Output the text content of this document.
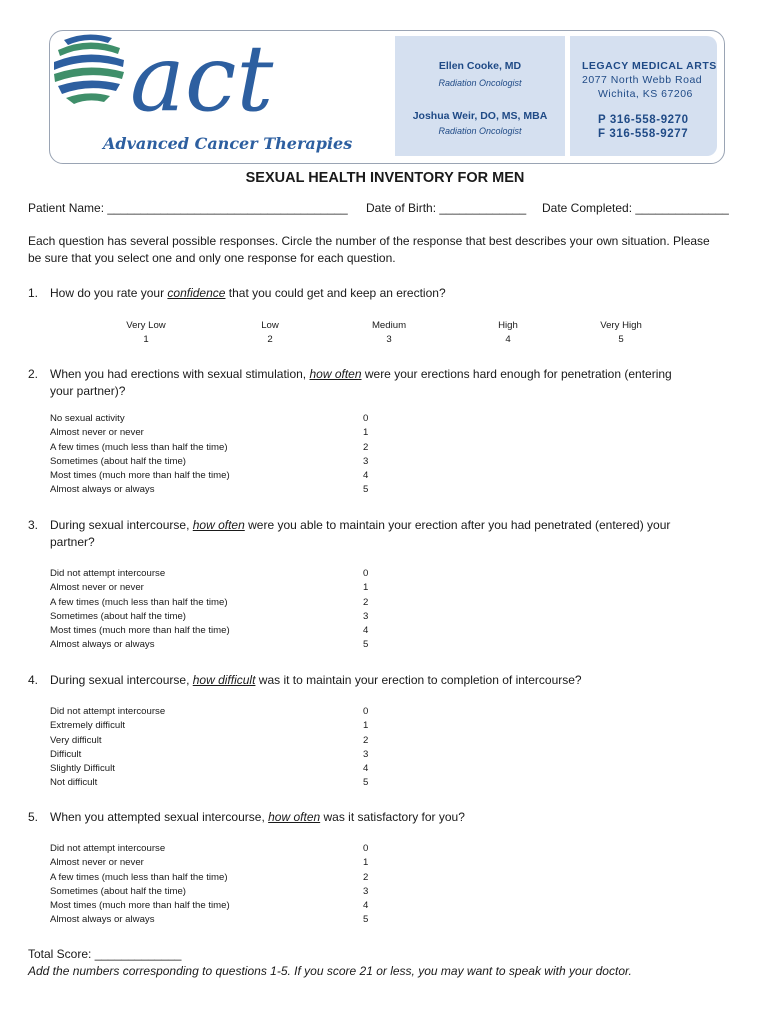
act
Advanced Cancer Therapies
Ellen Cooke, MD
Radiation Oncologist
Joshua Weir, DO, MS, MBA
Radiation Oncologist
LEGACY MEDICAL ARTS
2077 North Webb Road
Wichita, KS 67206
P 316-558-9270
F 316-558-9277
SEXUAL HEALTH INVENTORY FOR MEN
Patient Name: ____________________________________ Date of Birth: _____________ Date Completed: ______________
Each question has several possible responses. Circle the number of the response that best describes your own situation. Please
be sure that you select one and only one response for each question.
1. How do you rate your confidence that you could get and keep an erection?
Very Low
1
Low
2
Medium
3
High
4
Very High
5
2. When you had erections with sexual stimulation, how often were your erections hard enough for penetration (entering
your partner)?
No sexual activity	0
Almost never or never	1
A few times (much less than half the time)	2
Sometimes (about half the time)	3
Most times (much more than half the time)	4
Almost always or always	5
3. During sexual intercourse, how often were you able to maintain your erection after you had penetrated (entered) your
partner?
Did not attempt intercourse	0
Almost never or never	1
A few times (much less than half the time)	2
Sometimes (about half the time)	3
Most times (much more than half the time)	4
Almost always or always	5
4. During sexual intercourse, how difficult was it to maintain your erection to completion of intercourse?
Did not attempt intercourse	0
Extremely difficult	1
Very difficult	2
Difficult	3
Slightly Difficult	4
Not difficult	5
5. When you attempted sexual intercourse, how often was it satisfactory for you?
Did not attempt intercourse	0
Almost never or never	1
A few times (much less than half the time)	2
Sometimes (about half the time)	3
Most times (much more than half the time)	4
Almost always or always	5
Total Score: _____________
Add the numbers corresponding to questions 1-5. If you score 21 or less, you may want to speak with your doctor.
